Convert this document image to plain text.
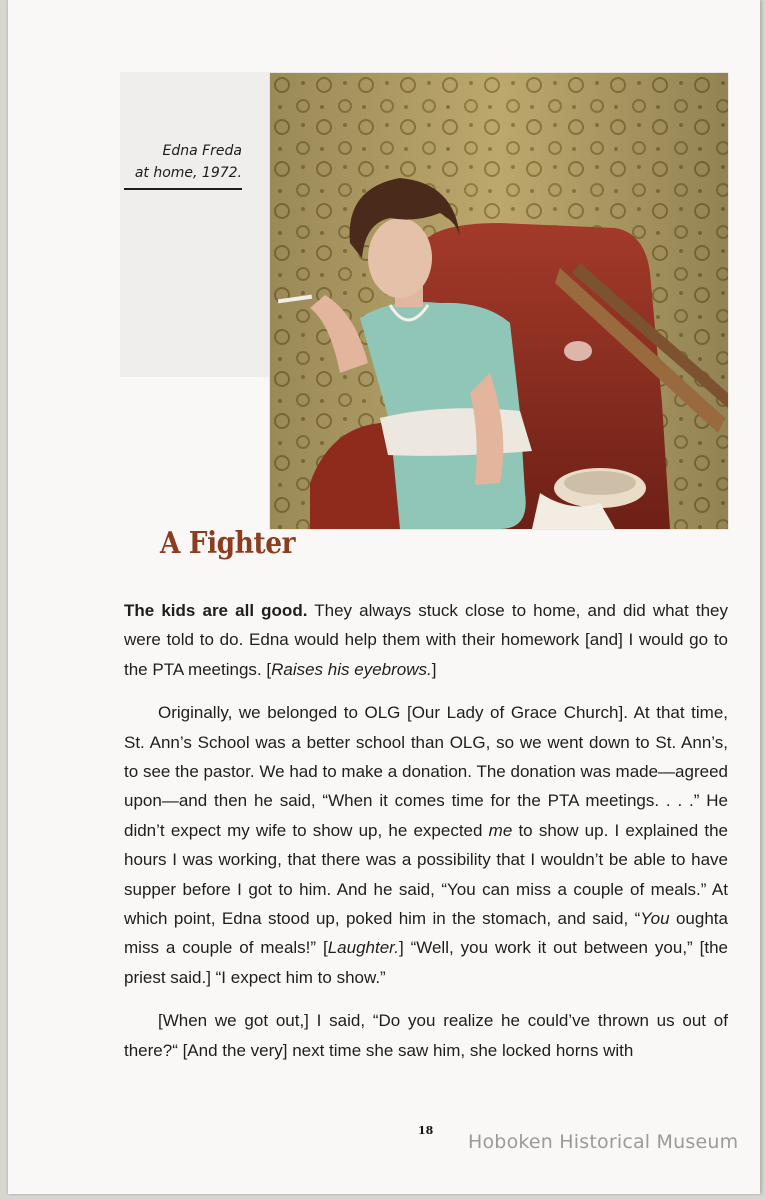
Edna Freda
at home, 1972.
A Fighter

The kids are all good. They always stuck close to home, and did what they were told to do. Edna would help them with their homework [and] I would go to the PTA meetings. [Raises his eyebrows.]

Originally, we belonged to OLG [Our Lady of Grace Church]. At that time, St. Ann’s School was a better school than OLG, so we went down to St. Ann’s, to see the pastor. We had to make a donation. The donation was made—agreed upon—and then he said, “When it comes time for the PTA meetings. . . .” He didn’t expect my wife to show up, he expected me to show up. I explained the hours I was working, that there was a possibility that I wouldn’t be able to have supper before I got to him. And he said, “You can miss a couple of meals.” At which point, Edna stood up, poked him in the stomach, and said, “You oughta miss a couple of meals!” [Laughter.] “Well, you work it out between you,” [the priest said.] “I expect him to show.”

[When we got out,] I said, “Do you realize he could’ve thrown us out of there?“ [And the very] next time she saw him, she locked horns with

18
Hoboken Historical Museum
